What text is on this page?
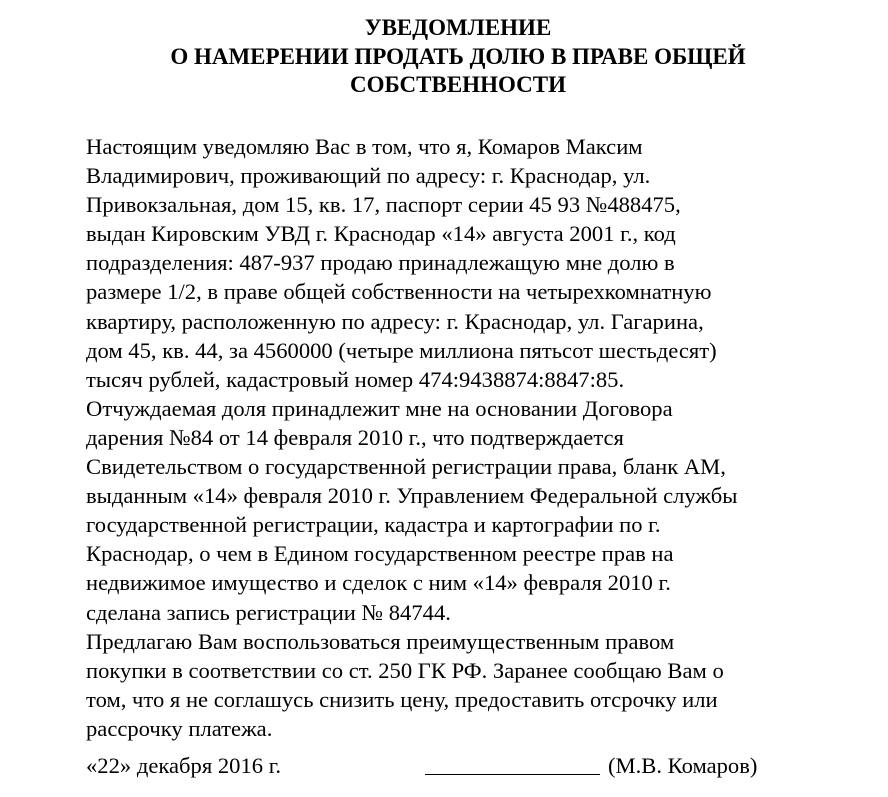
УВЕДОМЛЕНИЕ
О НАМЕРЕНИИ ПРОДАТЬ ДОЛЮ В ПРАВЕ ОБЩЕЙ
СОБСТВЕННОСТИ
Настоящим уведомляю Вас в том, что я, Комаров Максим
Владимирович, проживающий по адресу: г. Краснодар, ул.
Привокзальная, дом 15, кв. 17, паспорт серии 45 93 №488475,
выдан Кировским УВД г. Краснодар «14» августа 2001 г., код
подразделения: 487-937 продаю принадлежащую мне долю в
размере 1/2, в праве общей собственности на четырехкомнатную
квартиру, расположенную по адресу: г. Краснодар, ул. Гагарина,
дом 45, кв. 44, за 4560000 (четыре миллиона пятьсот шестьдесят)
тысяч рублей, кадастровый номер 474:9438874:8847:85.
Отчуждаемая доля принадлежит мне на основании Договора
дарения №84 от 14 февраля 2010 г., что подтверждается
Свидетельством о государственной регистрации права, бланк АМ,
выданным «14» февраля 2010 г. Управлением Федеральной службы
государственной регистрации, кадастра и картографии по г.
Краснодар, о чем в Едином государственном реестре прав на
недвижимое имущество и сделок с ним «14» февраля 2010 г.
сделана запись регистрации № 84744.
Предлагаю Вам воспользоваться преимущественным правом
покупки в соответствии со ст. 250 ГК РФ. Заранее сообщаю Вам о
том, что я не соглашусь снизить цену, предоставить отсрочку или
рассрочку платежа.
«22» декабря 2016 г.	(М.В. Комаров)
